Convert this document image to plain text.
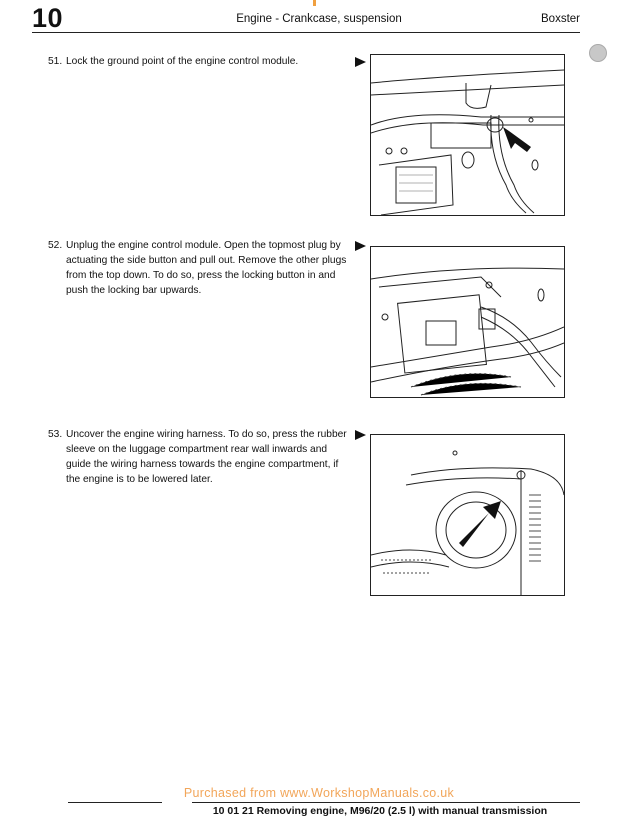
10	Engine - Crankcase, suspension	Boxster
51. Lock the ground point of the engine control module.
52. Unplug the engine control module. Open the topmost plug by actuating the side button and pull out. Remove the other plugs from the top down. To do so, press the locking button in and push the locking bar upwards.
53. Uncover the engine wiring harness. To do so, press the rubber sleeve on the luggage compartment rear wall inwards and guide the wiring harness towards the engine compartment, if the engine is to be lowered later.
Purchased from www.WorkshopManuals.co.uk
10 01 21 Removing engine, M96/20 (2.5 l) with manual transmission
